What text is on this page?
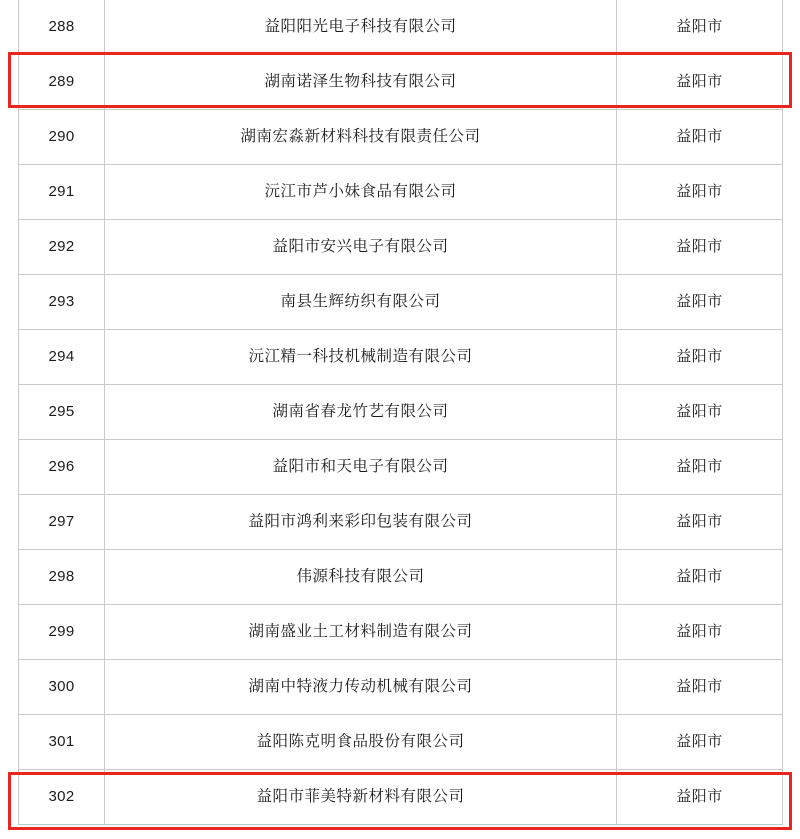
288	益阳阳光电子科技有限公司	益阳市
289	湖南诺泽生物科技有限公司	益阳市
290	湖南宏淼新材料科技有限责任公司	益阳市
291	沅江市芦小妹食品有限公司	益阳市
292	益阳市安兴电子有限公司	益阳市
293	南县生辉纺织有限公司	益阳市
294	沅江精一科技机械制造有限公司	益阳市
295	湖南省春龙竹艺有限公司	益阳市
296	益阳市和天电子有限公司	益阳市
297	益阳市鸿利来彩印包装有限公司	益阳市
298	伟源科技有限公司	益阳市
299	湖南盛业土工材料制造有限公司	益阳市
300	湖南中特液力传动机械有限公司	益阳市
301	益阳陈克明食品股份有限公司	益阳市
302	益阳市菲美特新材料有限公司	益阳市
